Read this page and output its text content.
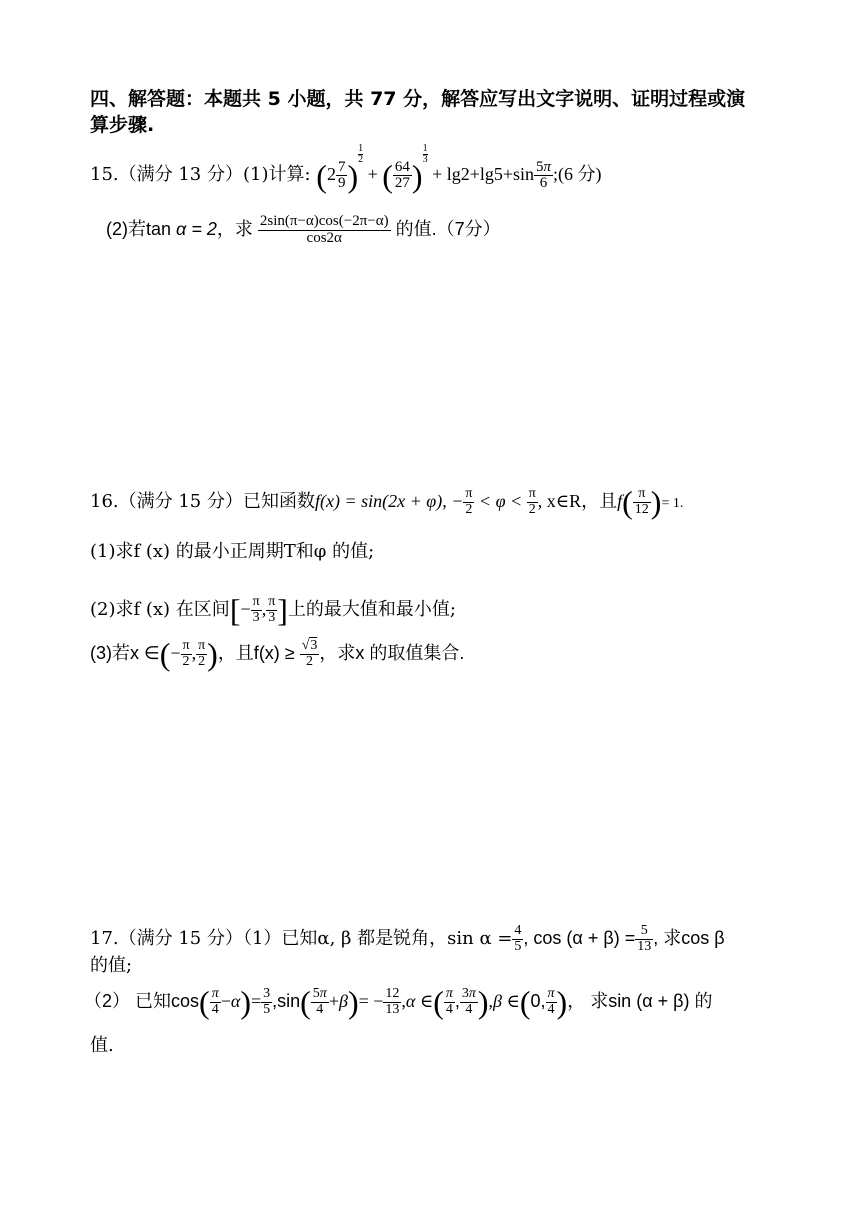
四、解答题：本题共 5 小题，共 77 分，解答应写出文字说明、证明过程或演
算步骤.
15.（满分 13 分）(1)计算: ($2 \frac{7}{9}$ )
$\frac{1}{2}$
+ ( $\frac{64}{27}$ )
$\frac{1}{3}$
+ $\lg 2+\lg 5+\sin \frac{5\pi}{6}$ ;(6 分)
(2)若tan α = 2，求 $\frac{2\sin(\pi-\alpha)\cos(-2\pi-\alpha)}{\cos 2\alpha}$ 的值.（7分）
16.（满分 15 分）已知函数f(x) = sin(2x + φ), − $\frac{\pi}{2} < \varphi < \frac{\pi}{2}$ , x∈R，且$f( \frac{\pi}{12}$ )= 1.
(1)求f (x) 的最小正周期T和φ 的值;
(2)求f (x) 在区间[− $\frac{\pi}{3}$ , $\frac{\pi}{3}$ ]上的最大值和最小值;
(3)若x ∈(− $\frac{\pi}{2}$ , $\frac{\pi}{2}$ )，且$f(x) \ge \frac{√3}{2}$ ，求x 的取值集合.
17.（满分 15 分）（1）已知α, β 都是锐角，$\sin \alpha = \frac{4}{5}$ , $\cos (\alpha + \beta) = \frac{5}{13}$ , 求cos β
的值;
（2） 已知$\cos( \frac{\pi}{4} -\alpha)= \frac{3}{5} ,\sin( \frac{5\pi}{4} +\beta)= - \frac{12}{13} ,\alpha$ ∈( $\frac{\pi}{4}$ , $\frac{3\pi}{4} ),\beta$ ∈(0, $\frac{\pi}{4}$ )， 求sin (α + β) 的
值.
